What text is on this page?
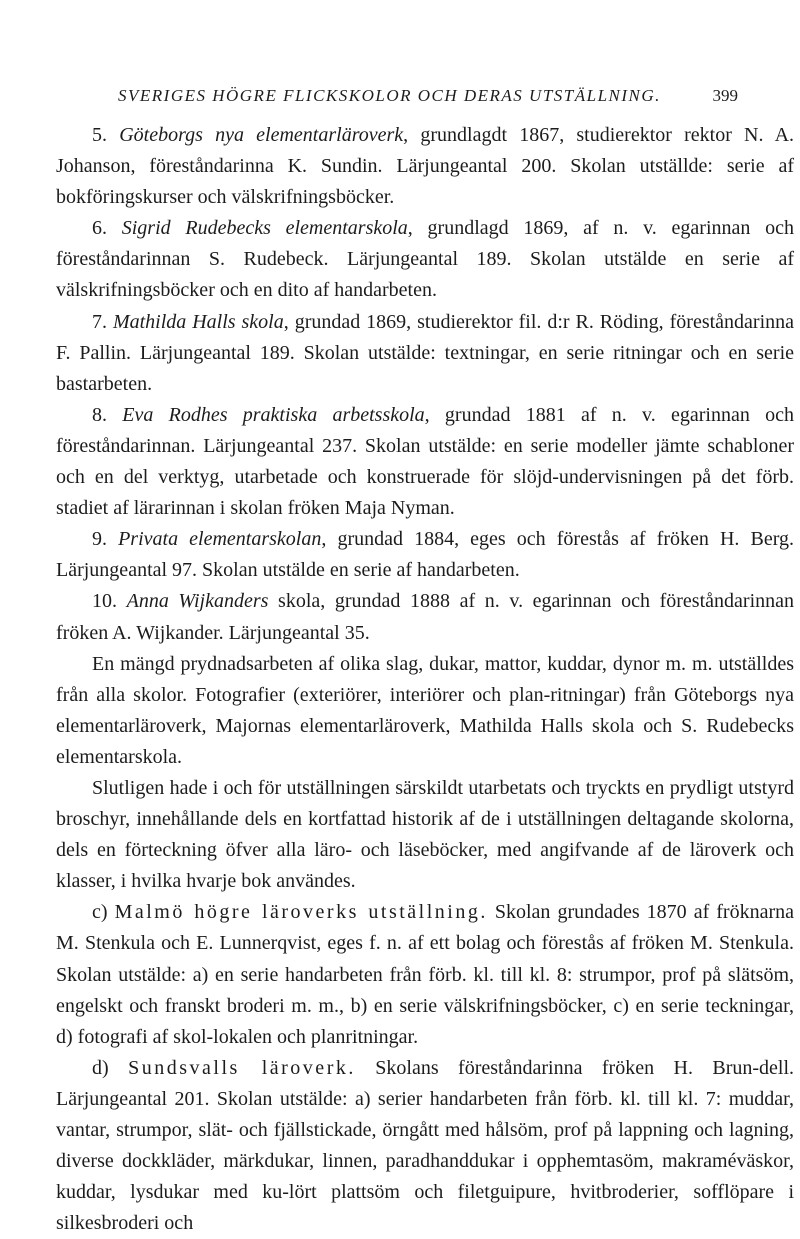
SVERIGES HÖGRE FLICKSKOLOR OCH DERAS UTSTÄLLNING.	399

5. Göteborgs nya elementarläroverk, grundlagdt 1867, studierektor rektor N. A. Johanson, föreståndarinna K. Sundin. Lärjungeantal 200. Skolan utställde: serie af bokföringskurser och välskrifningsböcker.

6. Sigrid Rudebecks elementarskola, grundlagd 1869, af n. v. egarinnan och föreståndarinnan S. Rudebeck. Lärjungeantal 189. Skolan utstälde en serie af välskrifningsböcker och en dito af handarbeten.

7. Mathilda Halls skola, grundad 1869, studierektor fil. d:r R. Röding, föreståndarinna F. Pallin. Lärjungeantal 189. Skolan utstälde: textningar, en serie ritningar och en serie bastarbeten.

8. Eva Rodhes praktiska arbetsskola, grundad 1881 af n. v. egarinnan och föreståndarinnan. Lärjungeantal 237. Skolan utstälde: en serie modeller jämte schabloner och en del verktyg, utarbetade och konstruerade för slöjd-undervisningen på det förb. stadiet af lärarinnan i skolan fröken Maja Nyman.

9. Privata elementarskolan, grundad 1884, eges och förestås af fröken H. Berg. Lärjungeantal 97. Skolan utstälde en serie af handarbeten.

10. Anna Wijkanders skola, grundad 1888 af n. v. egarinnan och föreståndarinnan fröken A. Wijkander. Lärjungeantal 35.

En mängd prydnadsarbeten af olika slag, dukar, mattor, kuddar, dynor m. m. utställdes från alla skolor. Fotografier (exteriörer, interiörer och plan-ritningar) från Göteborgs nya elementarläroverk, Majornas elementarläroverk, Mathilda Halls skola och S. Rudebecks elementarskola.

Slutligen hade i och för utställningen särskildt utarbetats och tryckts en prydligt utstyrd broschyr, innehållande dels en kortfattad historik af de i utställningen deltagande skolorna, dels en förteckning öfver alla läro- och läseböcker, med angifvande af de läroverk och klasser, i hvilka hvarje bok användes.

c) Malmö högre läroverks utställning. Skolan grundades 1870 af fröknarna M. Stenkula och E. Lunnerqvist, eges f. n. af ett bolag och förestås af fröken M. Stenkula. Skolan utstälde: a) en serie handarbeten från förb. kl. till kl. 8: strumpor, prof på slätsöm, engelskt och franskt broderi m. m., b) en serie välskrifningsböcker, c) en serie teckningar, d) fotografi af skol-lokalen och planritningar.

d) Sundsvalls läroverk. Skolans föreståndarinna fröken H. Brun-dell. Lärjungeantal 201. Skolan utstälde: a) serier handarbeten från förb. kl. till kl. 7: muddar, vantar, strumpor, slät- och fjällstickade, örngått med hålsöm, prof på lappning och lagning, diverse dockkläder, märkdukar, linnen, paradhanddukar i opphemtasöm, makraméväskor, kuddar, lysdukar med ku-lört plattsöm och filetguipure, hvitbroderier, sofflöpare i silkesbroderi och
